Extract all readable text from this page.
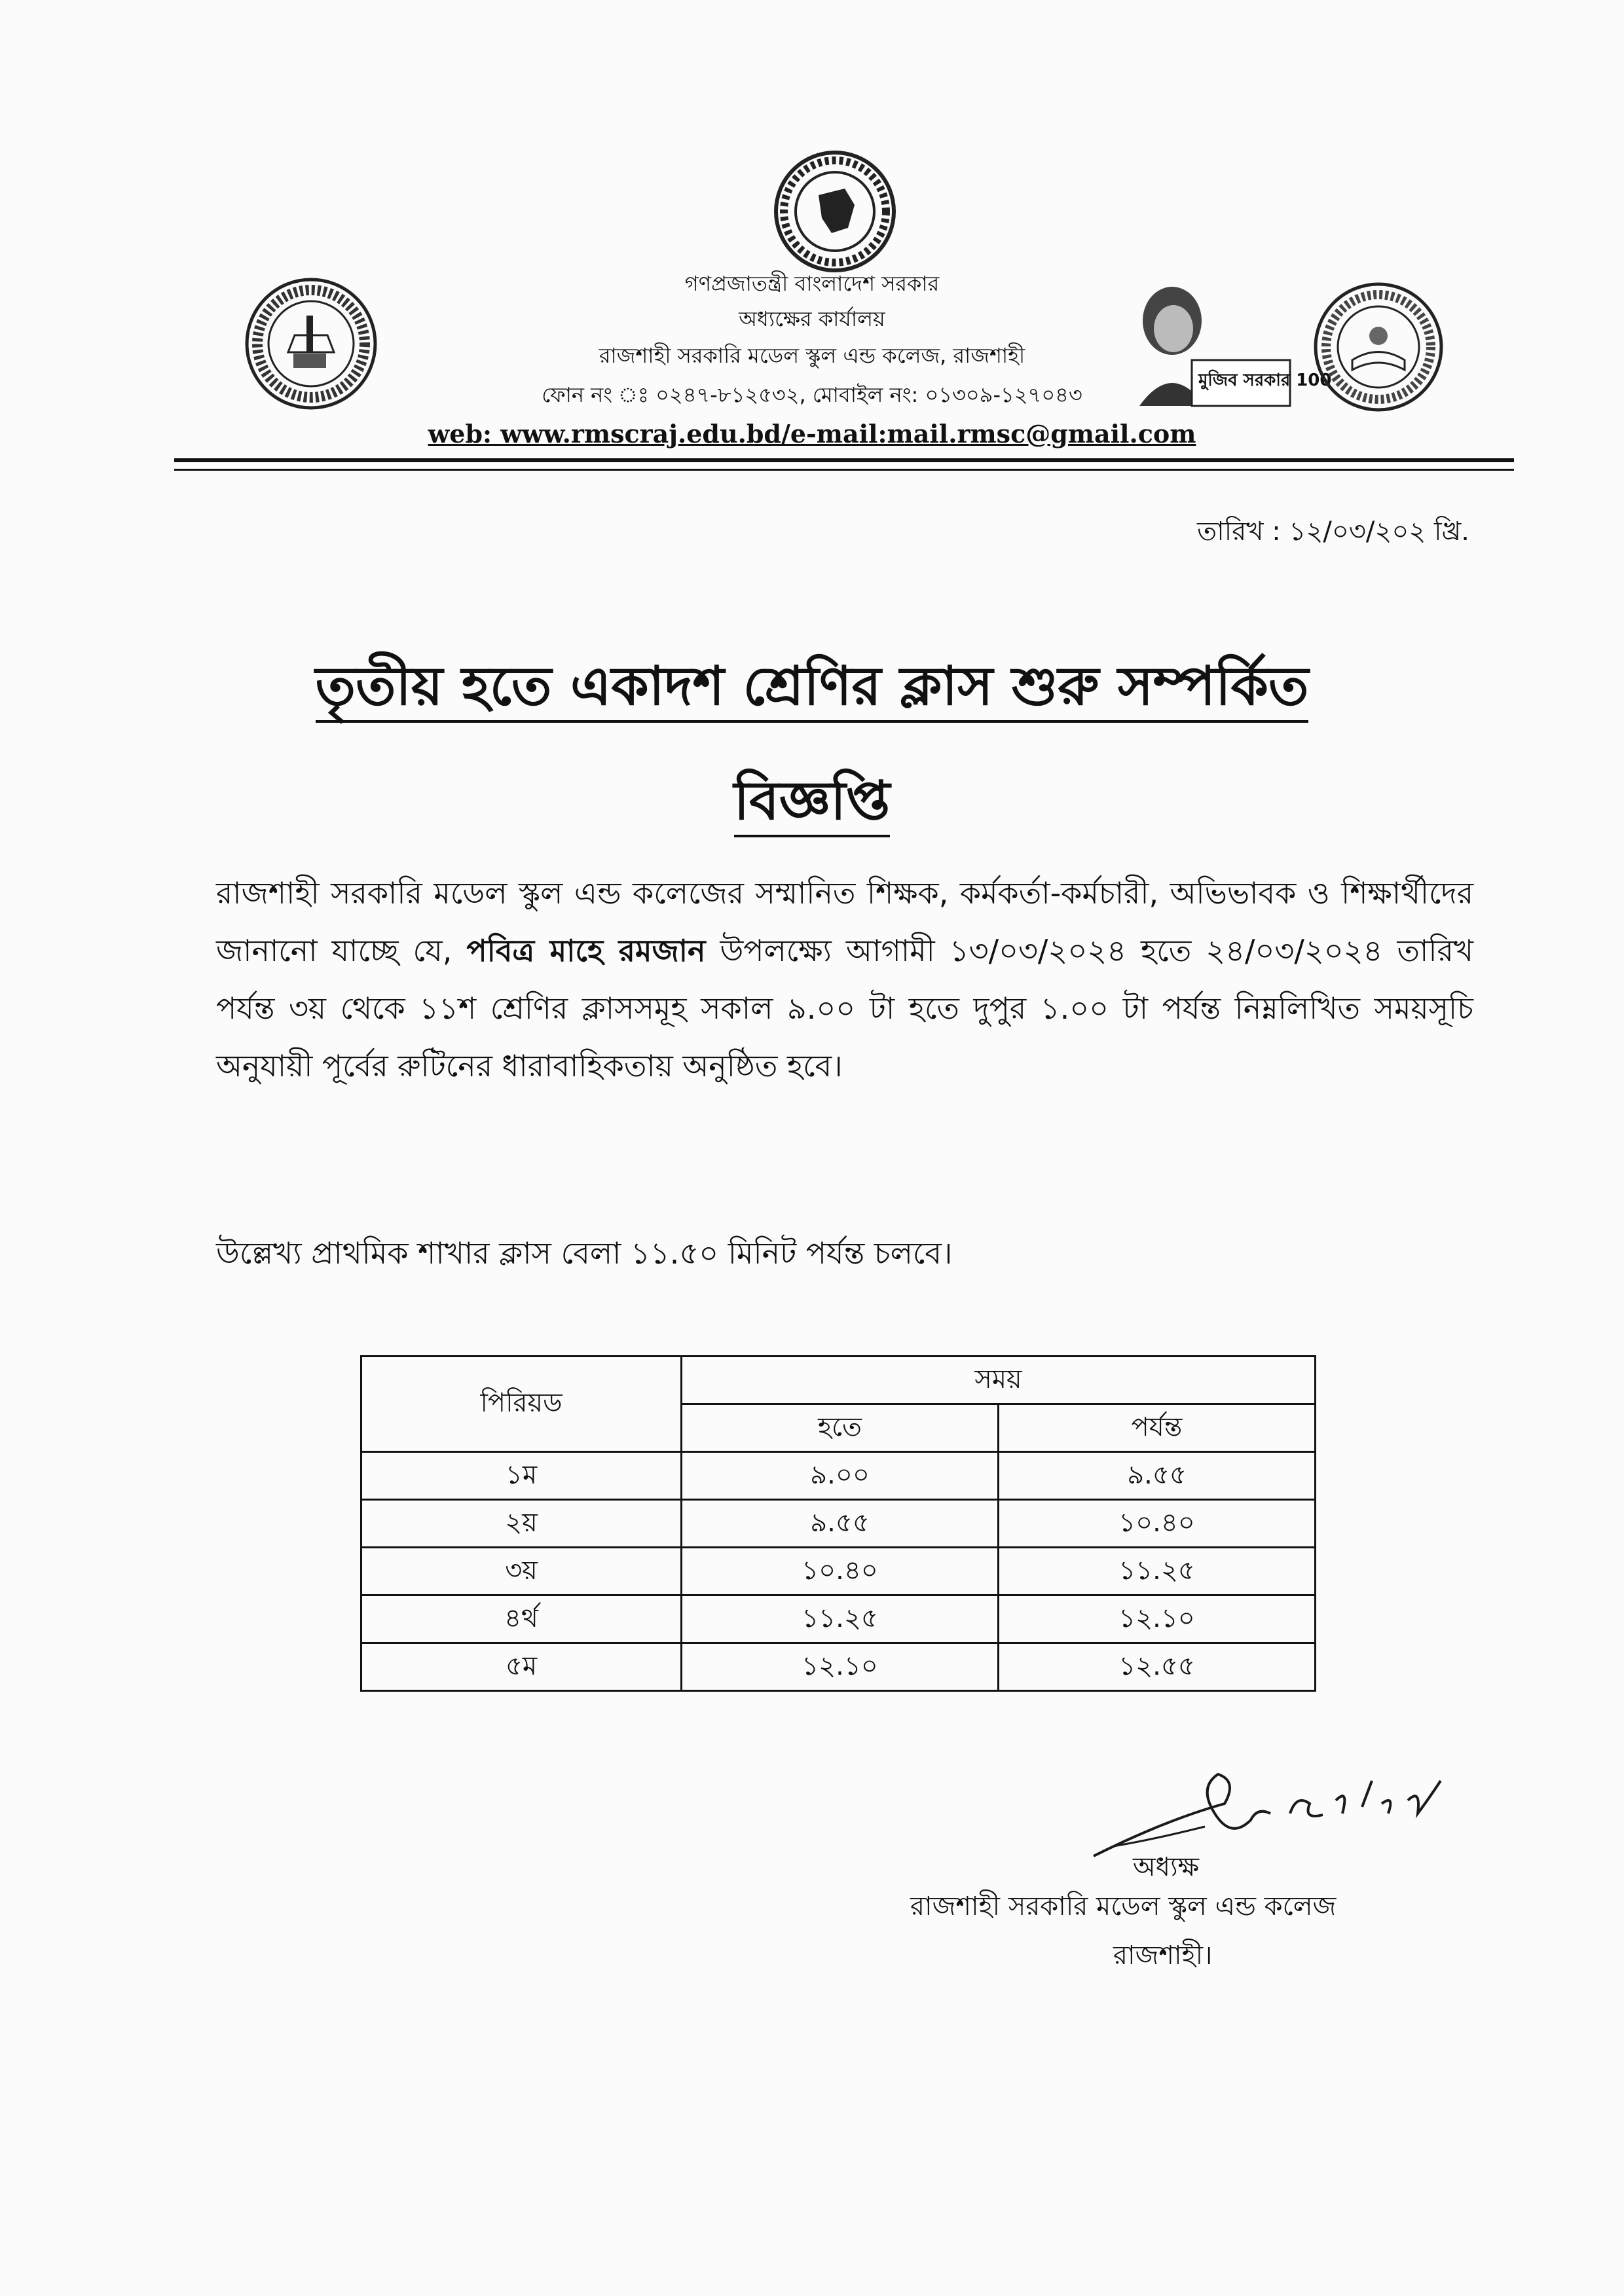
মুজিব সরকার 100
গণপ্রজাতন্ত্রী বাংলাদেশ সরকার
অধ্যক্ষের কার্যালয়
রাজশাহী সরকারি মডেল স্কুল এন্ড কলেজ, রাজশাহী
ফোন নং ঃ ০২৪৭-৮১২৫৩২, মোবাইল নং: ০১৩০৯-১২৭০৪৩
web: www.rmscraj.edu.bd/e-mail:mail.rmsc@gmail.com
তারিখ : ১২/০৩/২০২ খ্রি.
তৃতীয় হতে একাদশ শ্রেণির ক্লাস শুরু সম্পর্কিত
বিজ্ঞপ্তি
রাজশাহী সরকারি মডেল স্কুল এন্ড কলেজের সম্মানিত শিক্ষক, কর্মকর্তা-কর্মচারী, অভিভাবক ও শিক্ষার্থীদের জানানো যাচ্ছে যে, পবিত্র মাহে রমজান উপলক্ষ্যে আগামী ১৩/০৩/২০২৪ হতে ২৪/০৩/২০২৪ তারিখ পর্যন্ত ৩য় থেকে ১১শ শ্রেণির ক্লাসসমূহ সকাল ৯.০০ টা হতে দুপুর ১.০০ টা পর্যন্ত নিম্নলিখিত সময়সূচি অনুযায়ী পূর্বের রুটিনের ধারাবাহিকতায় অনুষ্ঠিত হবে।
উল্লেখ্য প্রাথমিক শাখার ক্লাস বেলা ১১.৫০ মিনিট পর্যন্ত চলবে।
পিরিয়ড	সময়	
	হতে	পর্যন্ত
১ম	৯.০০	৯.৫৫
২য়	৯.৫৫	১০.৪০
৩য়	১০.৪০	১১.২৫
৪র্থ	১১.২৫	১২.১০
৫ম	১২.১০	১২.৫৫
অধ্যক্ষ
রাজশাহী সরকারি মডেল স্কুল এন্ড কলেজ
রাজশাহী।
